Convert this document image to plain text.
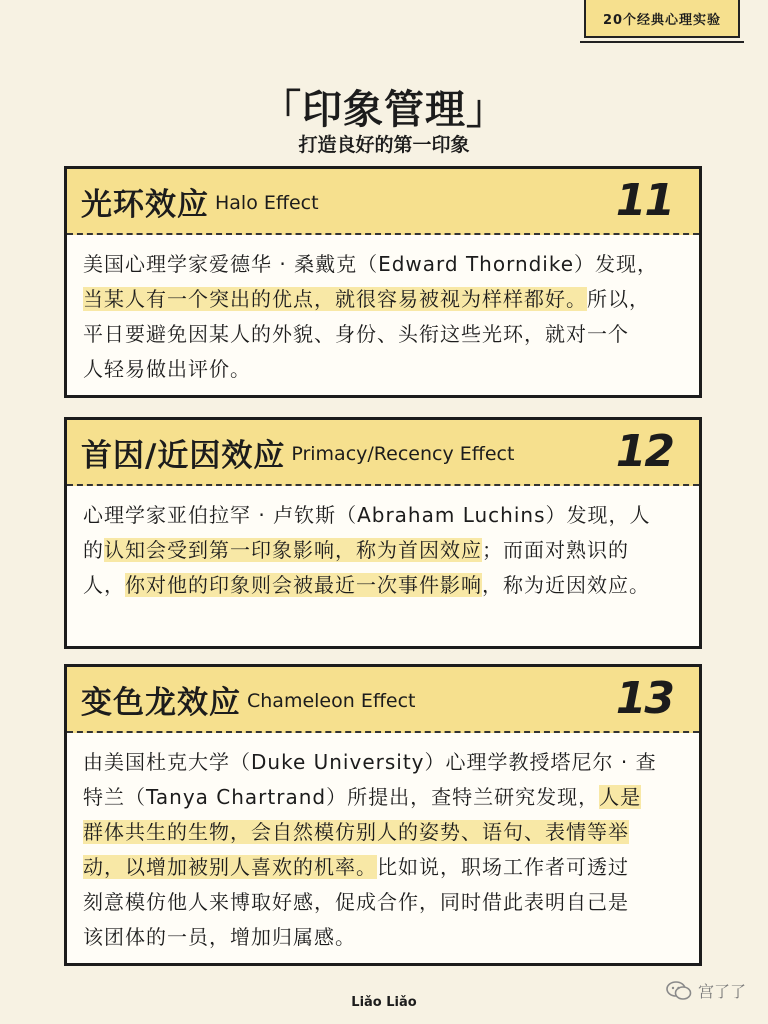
20个经典心理实验
「印象管理」
打造良好的第一印象
光环效应 Halo Effect	11
美国心理学家爱德华 · 桑戴克（Edward Thorndike）发现，
当某人有一个突出的优点，就很容易被视为样样都好。所以，
平日要避免因某人的外貌、身份、头衔这些光环，就对一个
人轻易做出评价。
首因/近因效应 Primacy/Recency Effect 12
心理学家亚伯拉罕 · 卢钦斯（Abraham Luchins）发现，人
的认知会受到第一印象影响，称为首因效应；而面对熟识的
人，你对他的印象则会被最近一次事件影响，称为近因效应。
变色龙效应 Chameleon Effect	13
由美国杜克大学（Duke University）心理学教授塔尼尔 · 查
特兰（Tanya Chartrand）所提出，查特兰研究发现，人是
群体共生的生物，会自然模仿别人的姿势、语句、表情等举
动，以增加被别人喜欢的机率。比如说，职场工作者可透过
刻意模仿他人来博取好感，促成合作，同时借此表明自己是
该团体的一员，增加归属感。
Liǎo Liǎo
宫了了
